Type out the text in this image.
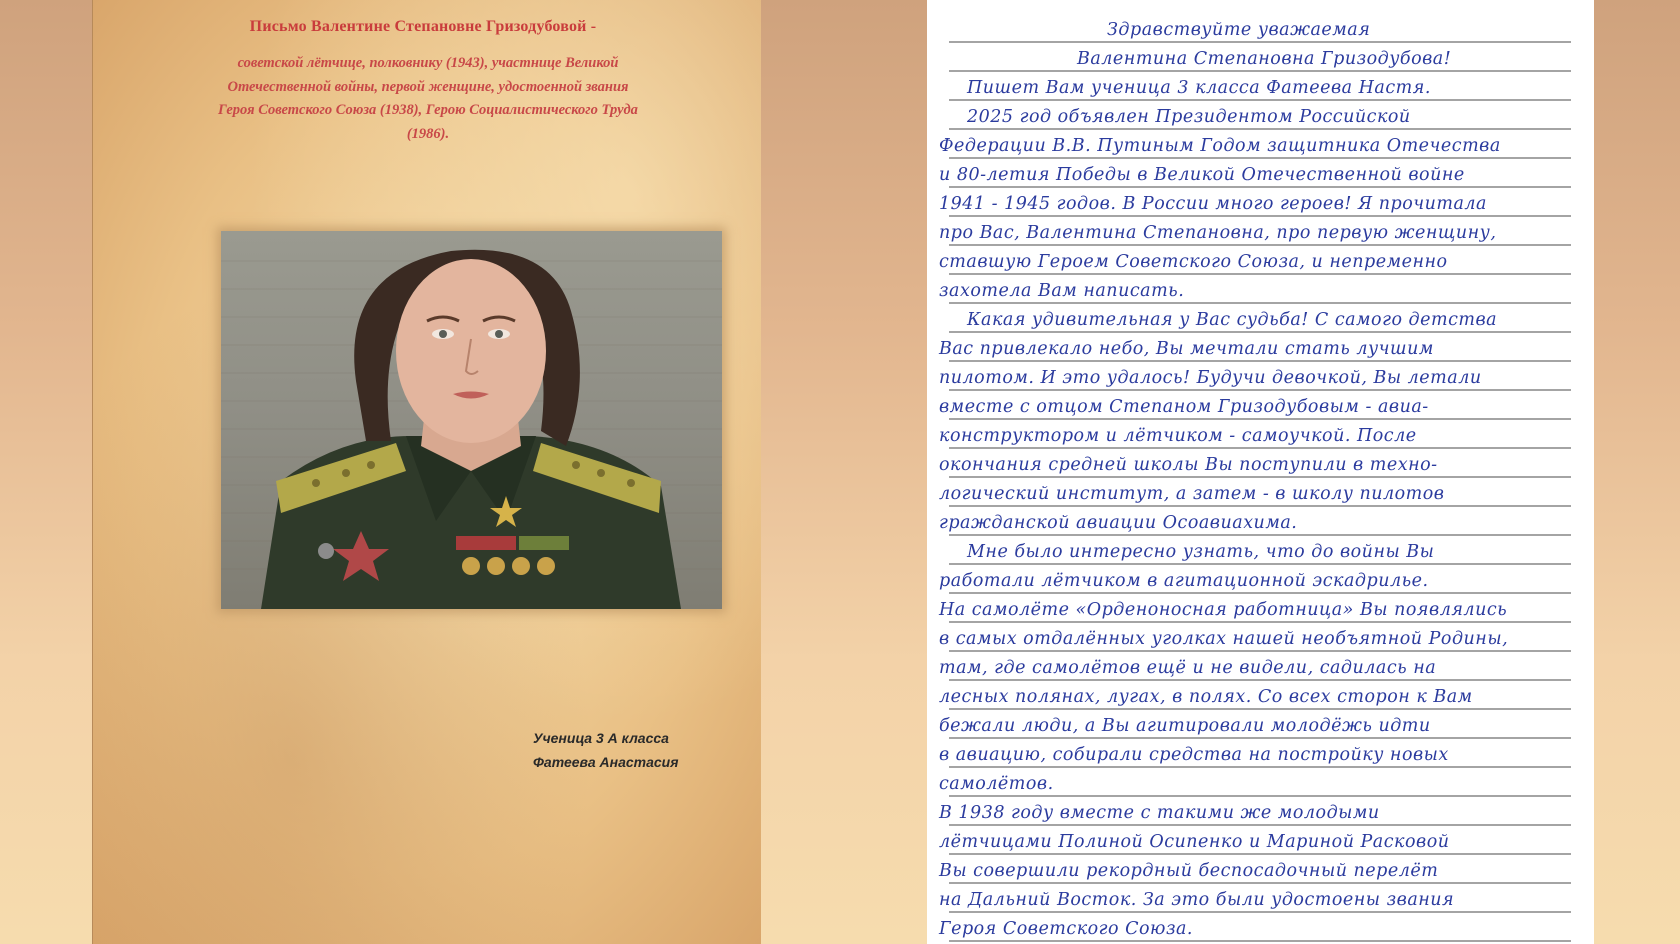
Письмо Валентине Степановне Гризодубовой -
советской лётчице, полковнику (1943), участнице Великой
Отечественной войны, первой женщине, удостоенной звания
Героя Советского Союза (1938), Герою Социалистического Труда
(1986).
Ученица 3 А класса
Фатеева Анастасия
Здравствуйте уважаемая
Валентина Степановна Гризодубова!
Пишет Вам ученица 3 класса Фатеева Настя.
2025 год объявлен Президентом Российской
Федерации В.В. Путиным Годом защитника Отечества
и 80-летия Победы в Великой Отечественной войне
1941 - 1945 годов. В России много героев! Я прочитала
про Вас, Валентина Степановна, про первую женщину,
ставшую Героем Советского Союза, и непременно
захотела Вам написать.
Какая удивительная у Вас судьба! С самого детства
Вас привлекало небо, Вы мечтали стать лучшим
пилотом. И это удалось! Будучи девочкой, Вы летали
вместе с отцом Степаном Гризодубовым - авиа-
конструктором и лётчиком - самоучкой. После
окончания средней школы Вы поступили в техно-
логический институт, а затем - в школу пилотов
гражданской авиации Осоавиахима.
Мне было интересно узнать, что до войны Вы
работали лётчиком в агитационной эскадрилье.
На самолёте «Орденоносная работница» Вы появлялись
в самых отдалённых уголках нашей необъятной Родины,
там, где самолётов ещё и не видели, садилась на
лесных полянах, лугах, в полях. Со всех сторон к Вам
бежали люди, а Вы агитировали молодёжь идти
в авиацию, собирали средства на постройку новых
самолётов.
В 1938 году вместе с такими же молодыми
лётчицами Полиной Осипенко и Мариной Расковой
Вы совершили рекордный беспосадочный перелёт
на Дальний Восток. За это были удостоены звания
Героя Советского Союза.
